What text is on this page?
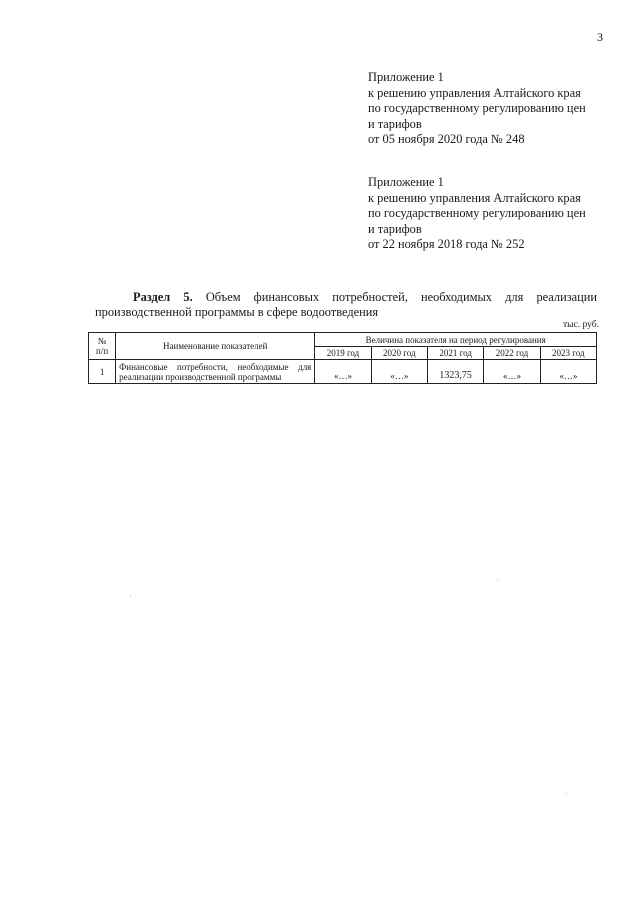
3
Приложение 1
к решению управления Алтайского края
по государственному регулированию цен
и тарифов
от 05 ноября 2020 года № 248
Приложение 1
к решению управления Алтайского края
по государственному регулированию цен
и тарифов
от 22 ноября 2018 года № 252
Раздел 5. Объем финансовых потребностей, необходимых для реализации
производственной программы в сфере водоотведения
тыс. руб.
№
п/п	Наименование показателей	Величина показателя на период регулирования				
		2019 год	2020 год	2021 год	2022 год	2023 год
1	Финансовые потребности, необходимые для реализации производственной программы	«…»	«…»	1323,75	«…»	«…»
